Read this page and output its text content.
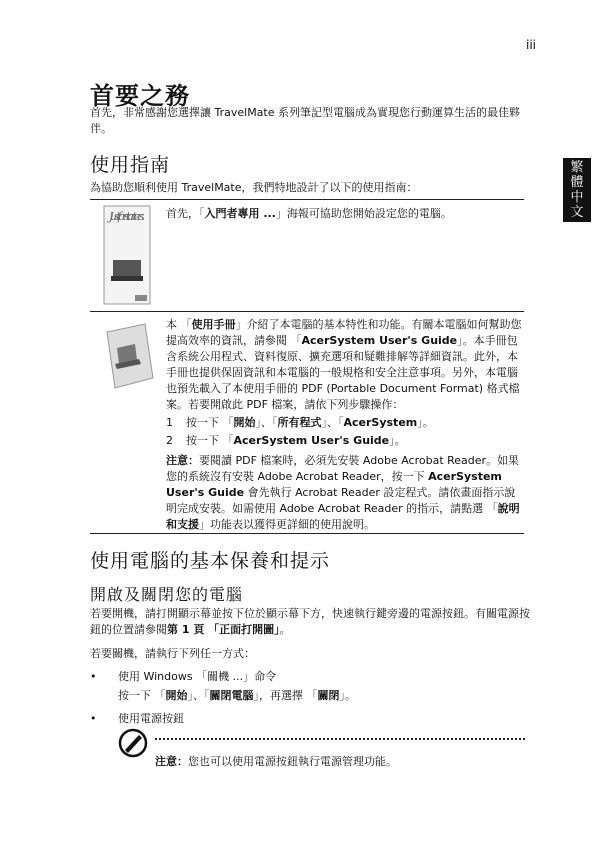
iii
首要之務
首先，非常感謝您選擇讓 TravelMate 系列筆記型電腦成為實現您行動運算生活的最佳夥伴。
繁體中文
使用指南
為協助您順利使用 TravelMate，我們特地設計了以下的使用指南：
Just for starters... 首先，「入門者專用 ...」海報可協助您開始設定您的電腦。
本 「使用手冊」介紹了本電腦的基本特性和功能。有關本電腦如何幫助您提高效率的資訊，請參閱 「AcerSystem User's Guide」。本手冊包含系統公用程式、資料復原、擴充選項和疑難排解等詳細資訊。此外，本手冊也提供保固資訊和本電腦的一般規格和安全注意事項。另外，本電腦也預先載入了本使用手冊的 PDF (Portable Document Format) 格式檔案。若要開啟此 PDF 檔案，請依下列步驟操作：
1 按一下 「開始」、「所有程式」、「AcerSystem」。
2 按一下 「AcerSystem User's Guide」。
注意：要閱讀 PDF 檔案時，必須先安裝 Adobe Acrobat Reader。如果您的系統沒有安裝 Adobe Acrobat Reader，按一下 AcerSystem User's Guide 會先執行 Acrobat Reader 設定程式。請依畫面指示說明完成安裝。如需使用 Adobe Acrobat Reader 的指示，請點選 「說明和支援」功能表以獲得更詳細的使用說明。
使用電腦的基本保養和提示
開啟及關閉您的電腦
若要開機，請打開顯示幕並按下位於顯示幕下方，快速執行鍵旁邊的電源按鈕。有關電源按鈕的位置請參閱第 1 頁 「正面打開圖」。
若要關機，請執行下列任一方式：
• 使用 Windows 「關機 ...」命令
按一下 「開始」、「關閉電腦」，再選擇 「關閉」。
• 使用電源按鈕
注意：您也可以使用電源按鈕執行電源管理功能。
